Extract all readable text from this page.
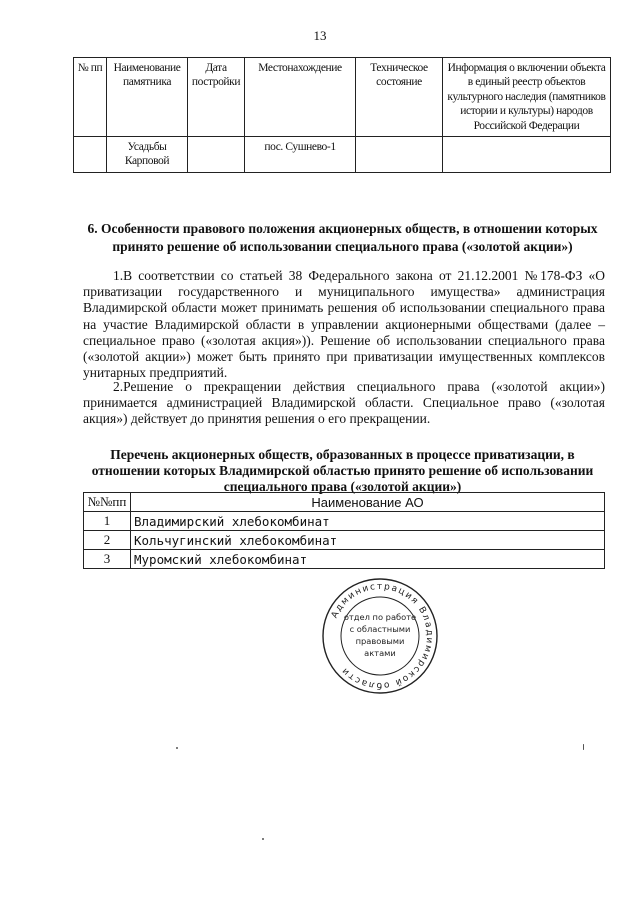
13
№ пп	Наименование памятника	Дата постройки	Местонахождение	Техническое состояние	Информация о включении объекта в единый реестр объектов культурного наследия (памятников истории и культуры) народов Российской Федерации
	Усадьбы Карповой		пос. Сушнево-1		
6. Особенности правового положения акционерных обществ, в отношении которых принято решение об использовании специального права («золотой акции»)
1.В соответствии со статьей 38 Федерального закона от 21.12.2001 №178-ФЗ «О приватизации государственного и муниципального имущества» администрация Владимирской области может принимать решения об использовании специального права на участие Владимирской области в управлении акционерными обществами (далее – специальное право («золотая акция»)). Решение об использовании специального права («золотой акции») может быть принято при приватизации имущественных комплексов унитарных предприятий.
2.Решение о прекращении действия специального права («золотой акции») принимается администрацией Владимирской области. Специальное право («золотая акция») действует до принятия решения о его прекращении.
Перечень акционерных обществ, образованных в процессе приватизации, в отношении которых Владимирской областью принято решение об использовании специального права («золотой акции»)
№№пп	Наименование АО
1	Владимирский хлебокомбинат
2	Кольчугинский хлебокомбинат
3	Муромский хлебокомбинат
Администрация Владимирской области
отдел по работе
с областными
правовыми
актами
